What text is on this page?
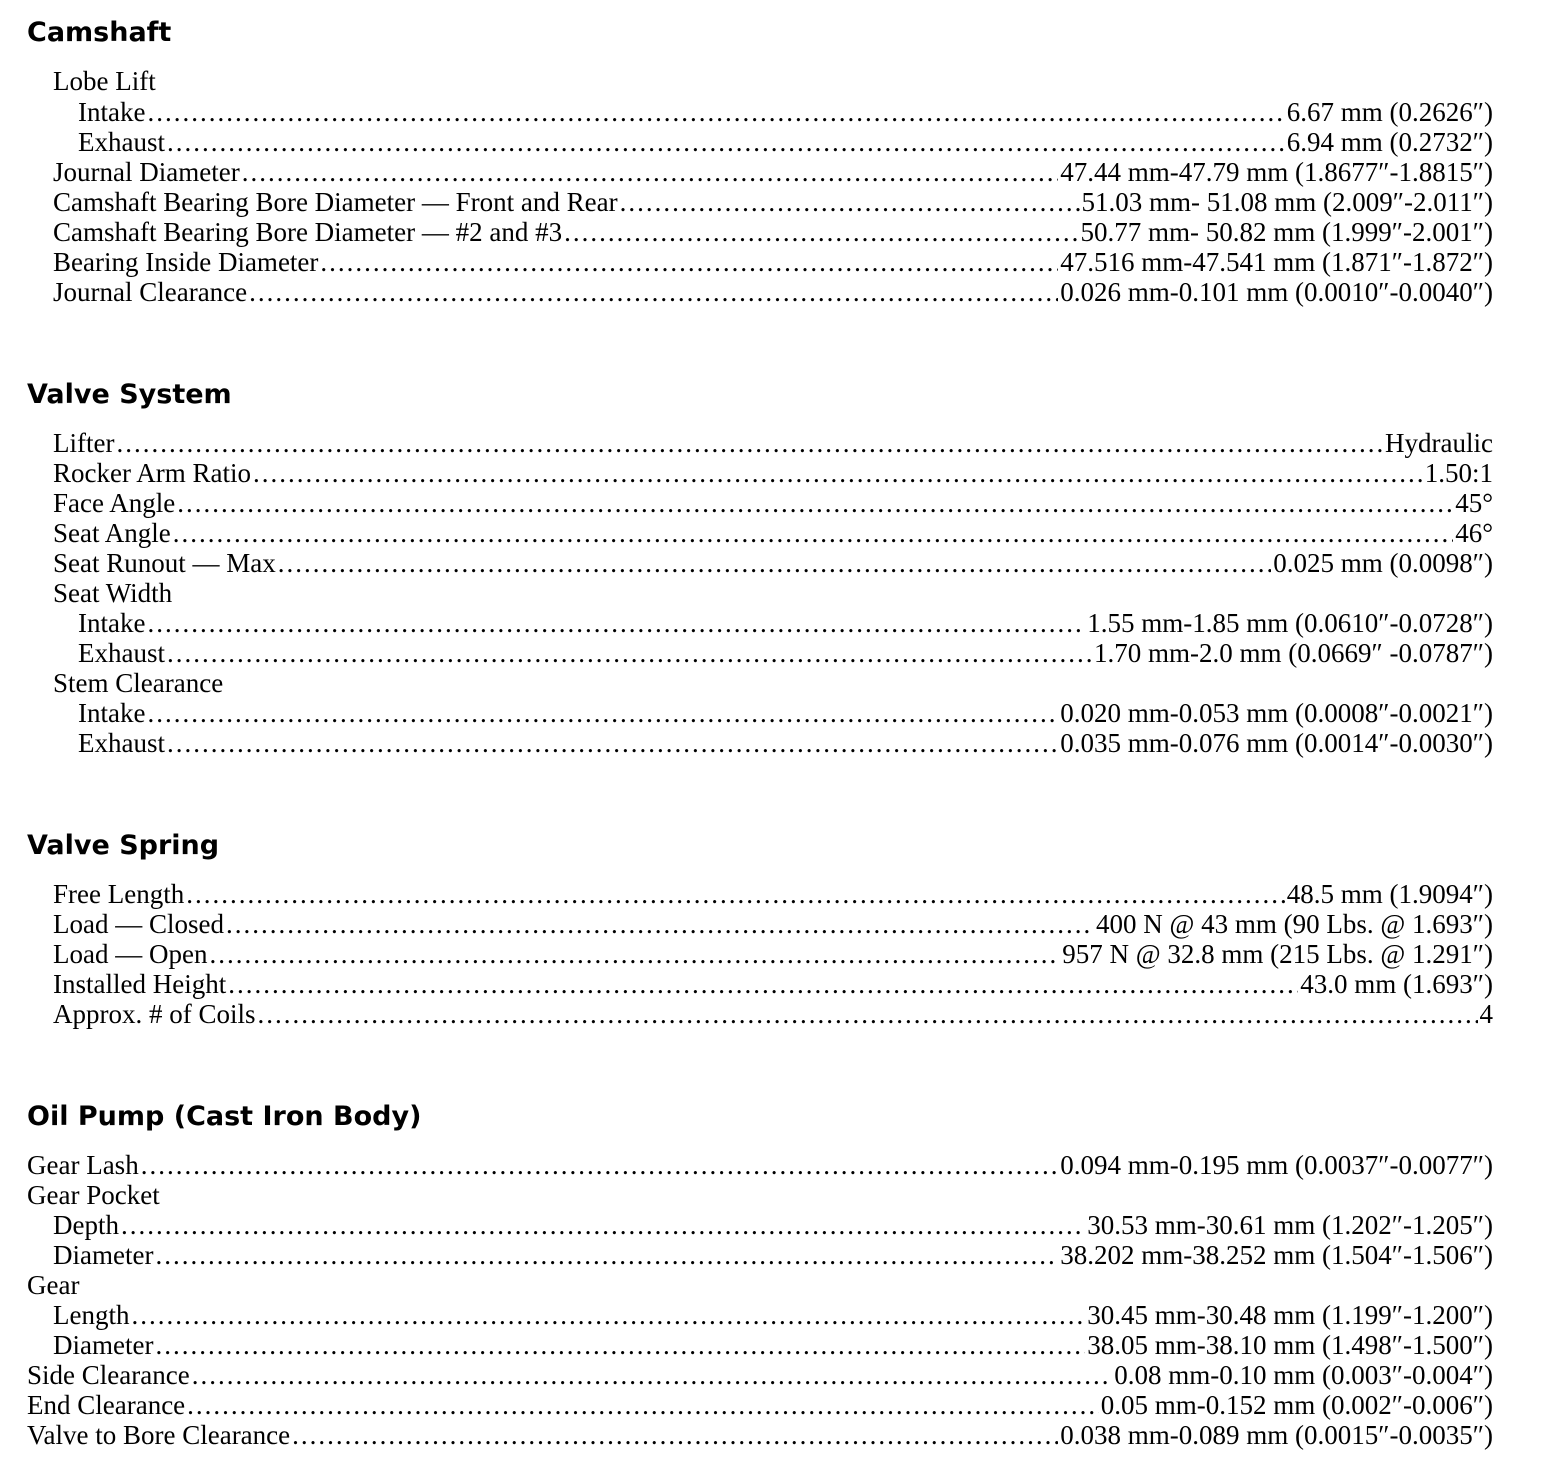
Camshaft
Lobe Lift
Intake .....	6.67 mm (0.2626″)
Exhaust .....	6.94 mm (0.2732″)
Journal Diameter .....	47.44 mm-47.79 mm (1.8677″-1.8815″)
Camshaft Bearing Bore Diameter — Front and Rear .....	51.03 mm- 51.08 mm (2.009″-2.011″)
Camshaft Bearing Bore Diameter — #2 and #3 .....	50.77 mm- 50.82 mm (1.999″-2.001″)
Bearing Inside Diameter .....	47.516 mm-47.541 mm (1.871″-1.872″)
Journal Clearance .....	0.026 mm-0.101 mm (0.0010″-0.0040″)
Valve System
Lifter .....	Hydraulic
Rocker Arm Ratio .....	1.50:1
Face Angle .....	45°
Seat Angle .....	46°
Seat Runout — Max .....	0.025 mm (0.0098″)
Seat Width
Intake .....	1.55 mm-1.85 mm (0.0610″-0.0728″)
Exhaust .....	1.70 mm-2.0 mm (0.0669″ -0.0787″)
Stem Clearance
Intake .....	0.020 mm-0.053 mm (0.0008″-0.0021″)
Exhaust .....	0.035 mm-0.076 mm (0.0014″-0.0030″)
Valve Spring
Free Length .....	48.5 mm (1.9094″)
Load — Closed .....	400 N @ 43 mm (90 Lbs. @ 1.693″)
Load — Open .....	957 N @ 32.8 mm (215 Lbs. @ 1.291″)
Installed Height .....	43.0 mm (1.693″)
Approx. # of Coils .....	4
Oil Pump (Cast Iron Body)
Gear Lash .....	0.094 mm-0.195 mm (0.0037″-0.0077″)
Gear Pocket
Depth .....	30.53 mm-30.61 mm (1.202″-1.205″)
Diameter .....	38.202 mm-38.252 mm (1.504″-1.506″)
Gear
Length .....	30.45 mm-30.48 mm (1.199″-1.200″)
Diameter .....	38.05 mm-38.10 mm (1.498″-1.500″)
Side Clearance .....	0.08 mm-0.10 mm (0.003″-0.004″)
End Clearance .....	0.05 mm-0.152 mm (0.002″-0.006″)
Valve to Bore Clearance .....	0.038 mm-0.089 mm (0.0015″-0.0035″)
